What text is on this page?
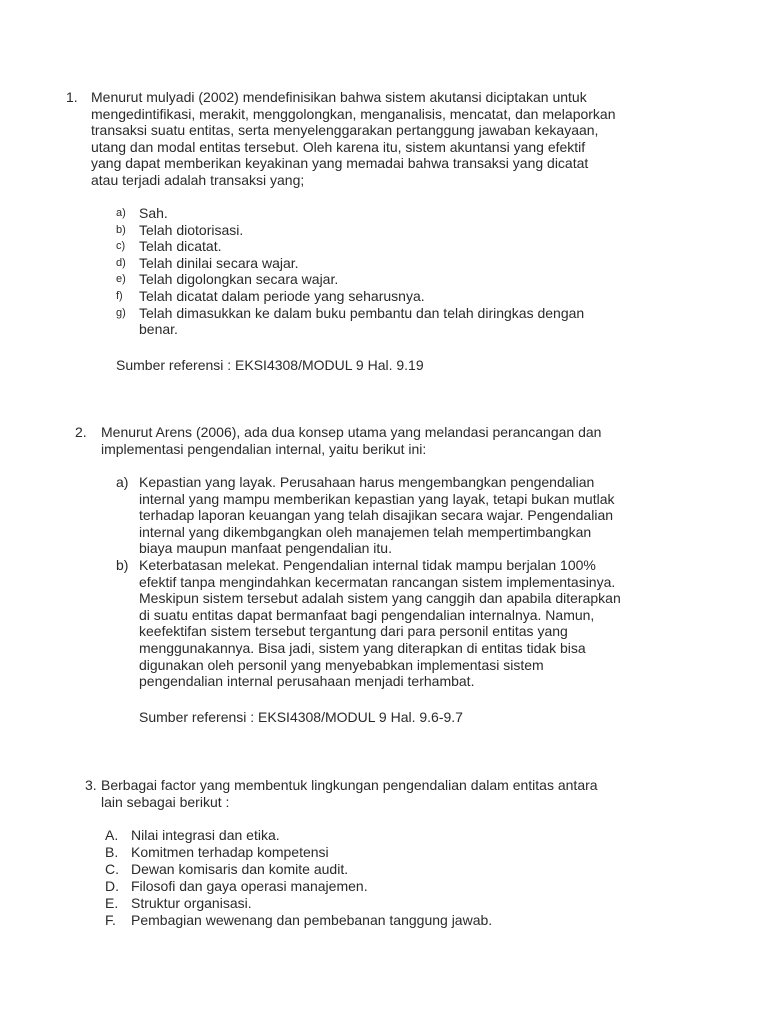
1. Menurut mulyadi (2002) mendefinisikan bahwa sistem akutansi diciptakan untuk
mengedintifikasi, merakit, menggolongkan, menganalisis, mencatat, dan melaporkan
transaksi suatu entitas, serta menyelenggarakan pertanggung jawaban kekayaan,
utang dan modal entitas tersebut. Oleh karena itu, sistem akuntansi yang efektif
yang dapat memberikan keyakinan yang memadai bahwa transaksi yang dicatat
atau terjadi adalah transaksi yang;
a) Sah.
b) Telah diotorisasi.
c) Telah dicatat.
d) Telah dinilai secara wajar.
e) Telah digolongkan secara wajar.
f) Telah dicatat dalam periode yang seharusnya.
g) Telah dimasukkan ke dalam buku pembantu dan telah diringkas dengan
benar.
Sumber referensi : EKSI4308/MODUL 9 Hal. 9.19
2. Menurut Arens (2006), ada dua konsep utama yang melandasi perancangan dan
implementasi pengendalian internal, yaitu berikut ini:
a) Kepastian yang layak. Perusahaan harus mengembangkan pengendalian
internal yang mampu memberikan kepastian yang layak, tetapi bukan mutlak
terhadap laporan keuangan yang telah disajikan secara wajar. Pengendalian
internal yang dikembgangkan oleh manajemen telah mempertimbangkan
biaya maupun manfaat pengendalian itu.
b) Keterbatasan melekat. Pengendalian internal tidak mampu berjalan 100%
efektif tanpa mengindahkan kecermatan rancangan sistem implementasinya.
Meskipun sistem tersebut adalah sistem yang canggih dan apabila diterapkan
di suatu entitas dapat bermanfaat bagi pengendalian internalnya. Namun,
keefektifan sistem tersebut tergantung dari para personil entitas yang
menggunakannya. Bisa jadi, sistem yang diterapkan di entitas tidak bisa
digunakan oleh personil yang menyebabkan implementasi sistem
pengendalian internal perusahaan menjadi terhambat.
Sumber referensi : EKSI4308/MODUL 9 Hal. 9.6-9.7
3. Berbagai factor yang membentuk lingkungan pengendalian dalam entitas antara
lain sebagai berikut :
A. Nilai integrasi dan etika.
B. Komitmen terhadap kompetensi
C. Dewan komisaris dan komite audit.
D. Filosofi dan gaya operasi manajemen.
E. Struktur organisasi.
F. Pembagian wewenang dan pembebanan tanggung jawab.
